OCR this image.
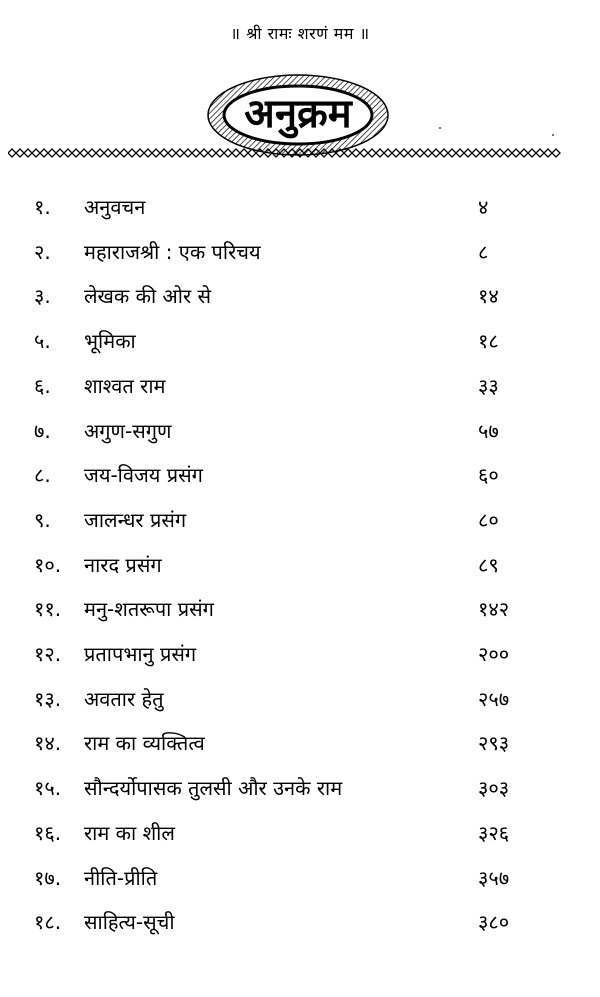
॥ श्री रामः शरणं मम ॥
अनुक्रम
१. अनुवचन	४
२. महाराजश्री : एक परिचय	८
३. लेखक की ओर से	१४
५. भूमिका	१८
६. शाश्वत राम	३३
७. अगुण-सगुण	५७
८. जय-विजय प्रसंग	६०
९. जालन्धर प्रसंग	८०
१०. नारद प्रसंग	८९
११. मनु-शतरूपा प्रसंग	१४२
१२. प्रतापभानु प्रसंग	२००
१३. अवतार हेतु	२५७
१४. राम का व्यक्तित्व	२९३
१५. सौन्दर्योपासक तुलसी और उनके राम	३०३
१६. राम का शील	३२६
१७. नीति-प्रीति	३५७
१८. साहित्य-सूची	३८०
